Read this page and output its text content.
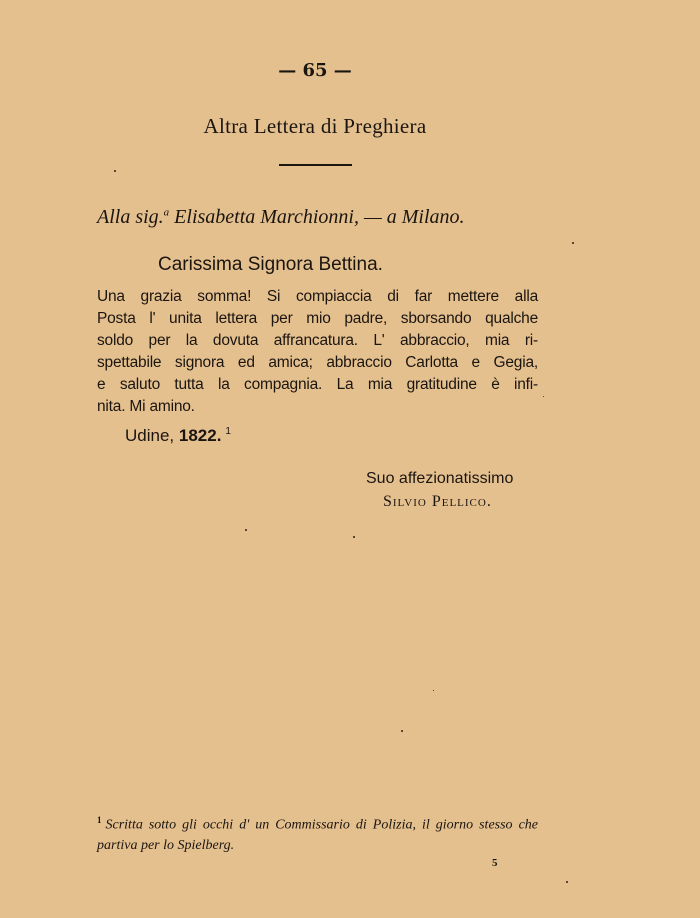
— 65 —
Altra Lettera di Preghiera
Alla sig.$^a$ Elisabetta Marchionni, — a Milano.
Carissima Signora Bettina.
Una grazia somma! Si compiaccia di far mettere alla
Posta l' unita lettera per mio padre, sborsando qualche
soldo per la dovuta affrancatura. L' abbraccio, mia ri-
spettabile signora ed amica; abbraccio Carlotta e Gegia,
e saluto tutta la compagnia. La mia gratitudine è infi-
nita. Mi amino.
Udine, 1822. $^1$
Suo affezionatissimo
Silvio Pellico.
$^1$ Scritta sotto gli occhi d' un Commissario di Polizia, il giorno stesso che partiva per lo Spielberg.
5
